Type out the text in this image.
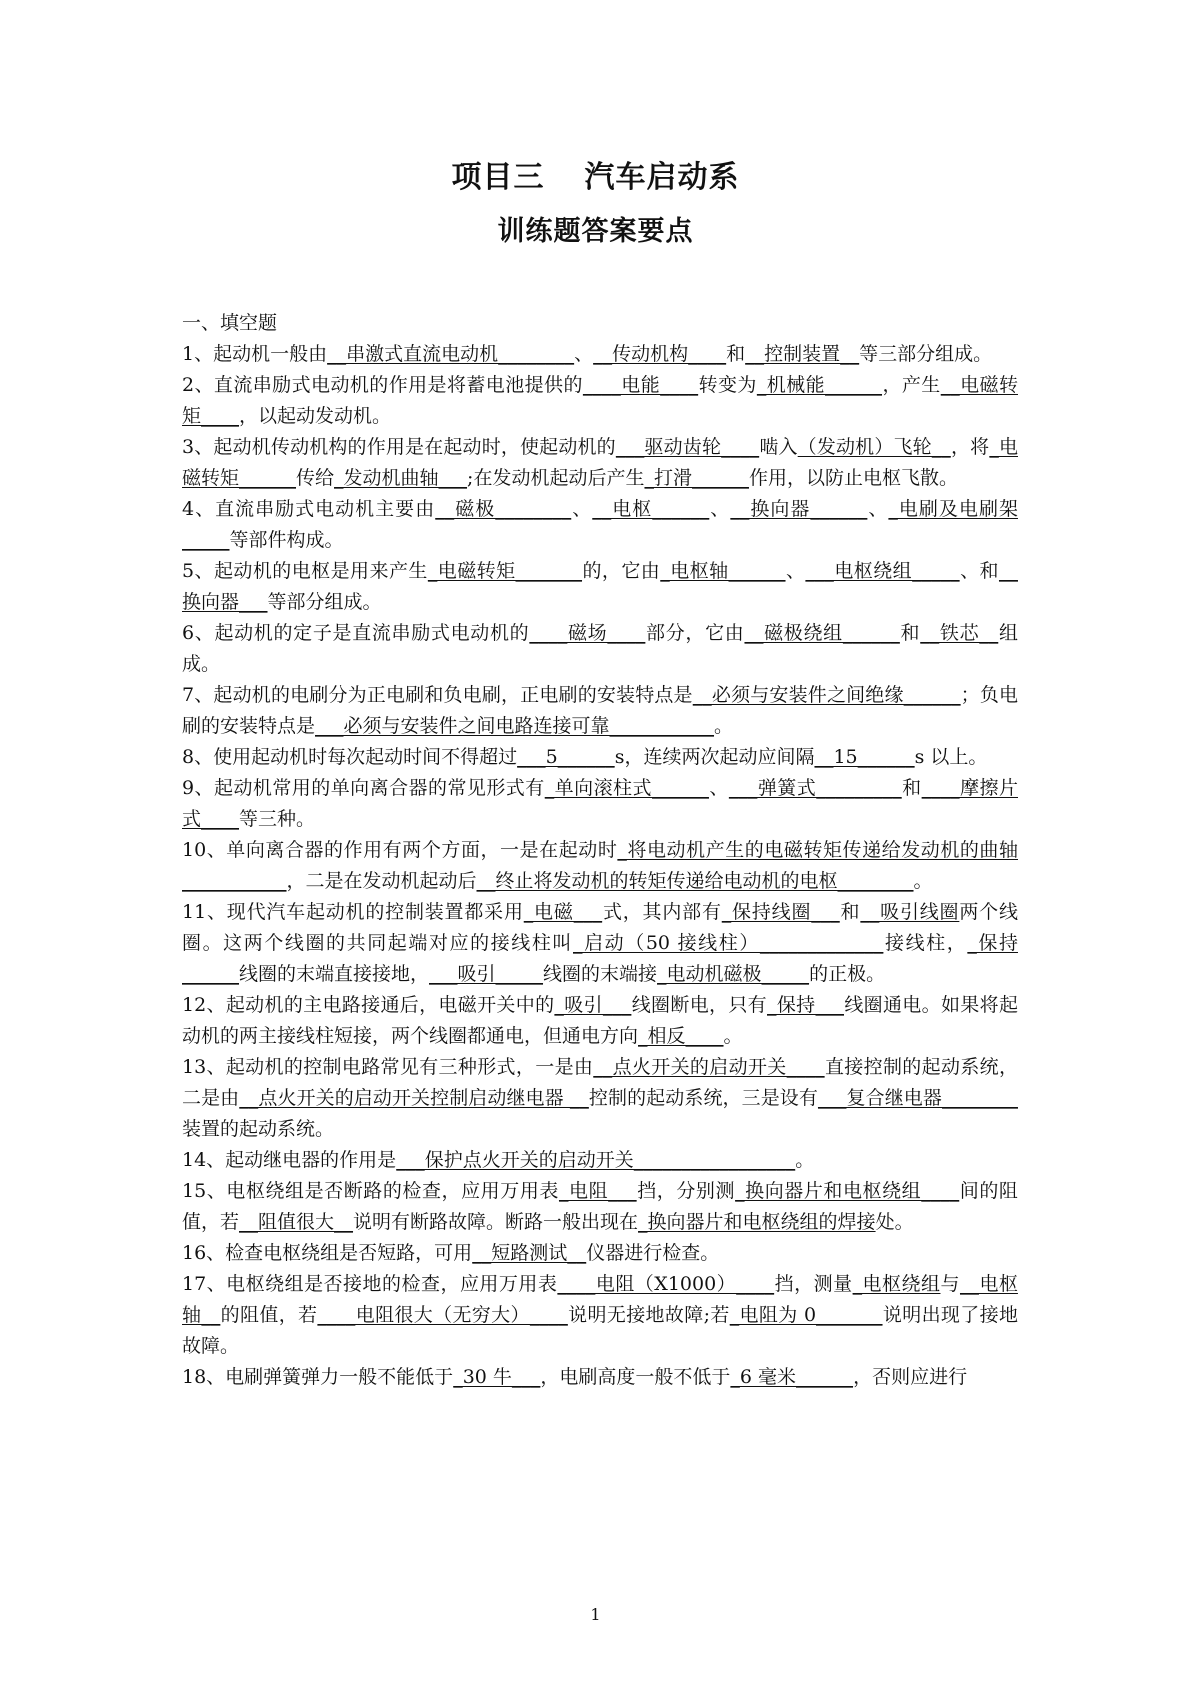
项目三 汽车启动系
训练题答案要点

一、填空题

1、起动机一般由__串激式直流电动机________、__传动机构____和__控制装置__等三部分组成。

2、直流串励式电动机的作用是将蓄电池提供的____电能____转变为_机械能______，产生__电磁转矩____，以起动发动机。

3、起动机传动机构的作用是在起动时，使起动机的___驱动齿轮____啮入（发动机）飞轮__，将_电磁转矩______传给_发动机曲轴___;在发动机起动后产生_打滑______作用，以防止电枢飞散。

4、直流串励式电动机主要由__磁极________、__电枢______、__换向器______、_电刷及电刷架_____等部件构成。

5、起动机的电枢是用来产生_电磁转矩_______的，它由_电枢轴______、___电枢绕组_____、和__换向器___等部分组成。

6、起动机的定子是直流串励式电动机的____磁场____部分，它由__磁极绕组______和__铁芯__组成。

7、起动机的电刷分为正电刷和负电刷，正电刷的安装特点是__必须与安装件之间绝缘______；负电刷的安装特点是___必须与安装件之间电路连接可靠___________。

8、使用起动机时每次起动时间不得超过___5______s，连续两次起动应间隔__15______s 以上。

9、起动机常用的单向离合器的常见形式有_单向滚柱式______、___弹簧式_________和____摩擦片式____等三种。

10、单向离合器的作用有两个方面，一是在起动时_将电动机产生的电磁转矩传递给发动机的曲轴___________，二是在发动机起动后__终止将发动机的转矩传递给电动机的电枢________。

11、现代汽车起动机的控制装置都采用_电磁___式，其内部有_保持线圈___和__吸引线圈两个线圈。这两个线圈的共同起端对应的接线柱叫_启动（50 接线柱）_____________接线柱，_保持______线圈的末端直接接地，___吸引_____线圈的末端接_电动机磁极_____的正极。

12、起动机的主电路接通后，电磁开关中的_吸引___线圈断电，只有_保持___线圈通电。如果将起动机的两主接线柱短接，两个线圈都通电，但通电方向_相反____。

13、起动机的控制电路常见有三种形式，一是由__点火开关的启动开关____直接控制的起动系统，二是由__点火开关的启动开关控制启动继电器 __控制的起动系统，三是设有___复合继电器________装置的起动系统。

14、起动继电器的作用是___保护点火开关的启动开关_________________。

15、电枢绕组是否断路的检查，应用万用表_电阻___挡，分别测_换向器片和电枢绕组____间的阻值，若__阻值很大__说明有断路故障。断路一般出现在_换向器片和电枢绕组的焊接处。

16、检查电枢绕组是否短路，可用__短路测试__仪器进行检查。

17、电枢绕组是否接地的检查，应用万用表____电阻（X1000）____挡，测量_电枢绕组与__电枢轴__的阻值，若____电阻很大（无穷大）____说明无接地故障;若_电阻为 0_______说明出现了接地故障。

18、电刷弹簧弹力一般不能低于_30 牛___，电刷高度一般不低于_6 毫米______，否则应进行

1
